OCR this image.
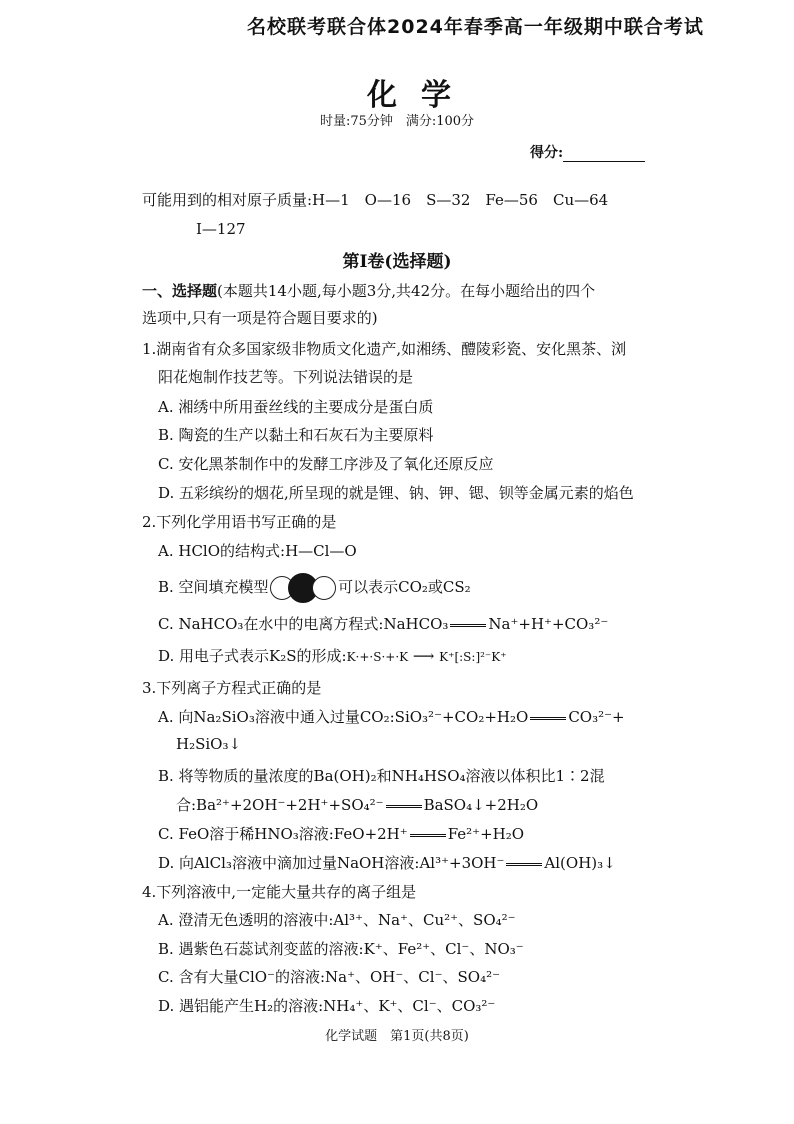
名校联考联合体2024年春季高一年级期中联合考试
化学
时量:75分钟　满分:100分
得分:
可能用到的相对原子质量:H—1　O—16　S—32　Fe—56　Cu—64
I—127
第Ⅰ卷(选择题)
一、选择题(本题共14小题,每小题3分,共42分。在每小题给出的四个
选项中,只有一项是符合题目要求的)
1.湖南省有众多国家级非物质文化遗产,如湘绣、醴陵彩瓷、安化黑茶、浏
阳花炮制作技艺等。下列说法错误的是
A. 湘绣中所用蚕丝线的主要成分是蛋白质
B. 陶瓷的生产以黏土和石灰石为主要原料
C. 安化黑茶制作中的发酵工序涉及了氧化还原反应
D. 五彩缤纷的烟花,所呈现的就是锂、钠、钾、锶、钡等金属元素的焰色
2.下列化学用语书写正确的是
A. HClO的结构式:H—Cl—O
B. 空间填充模型	可以表示CO₂或CS₂
C. NaHCO₃在水中的电离方程式:NaHCO₃	Na⁺+H⁺+CO₃²⁻
D. 用电子式表示K₂S的形成:K·+·S·+·K ⟶ K⁺[:S:]²⁻K⁺
3.下列离子方程式正确的是
A. 向Na₂SiO₃溶液中通入过量CO₂:SiO₃²⁻+CO₂+H₂O	CO₃²⁻+
H₂SiO₃↓
B. 将等物质的量浓度的Ba(OH)₂和NH₄HSO₄溶液以体积比1∶2混
合:Ba²⁺+2OH⁻+2H⁺+SO₄²⁻	BaSO₄↓+2H₂O
C. FeO溶于稀HNO₃溶液:FeO+2H⁺	Fe²⁺+H₂O
D. 向AlCl₃溶液中滴加过量NaOH溶液:Al³⁺+3OH⁻	Al(OH)₃↓
4.下列溶液中,一定能大量共存的离子组是
A. 澄清无色透明的溶液中:Al³⁺、Na⁺、Cu²⁺、SO₄²⁻
B. 遇紫色石蕊试剂变蓝的溶液:K⁺、Fe²⁺、Cl⁻、NO₃⁻
C. 含有大量ClO⁻的溶液:Na⁺、OH⁻、Cl⁻、SO₄²⁻
D. 遇铝能产生H₂的溶液:NH₄⁺、K⁺、Cl⁻、CO₃²⁻
化学试题　第1页(共8页)
